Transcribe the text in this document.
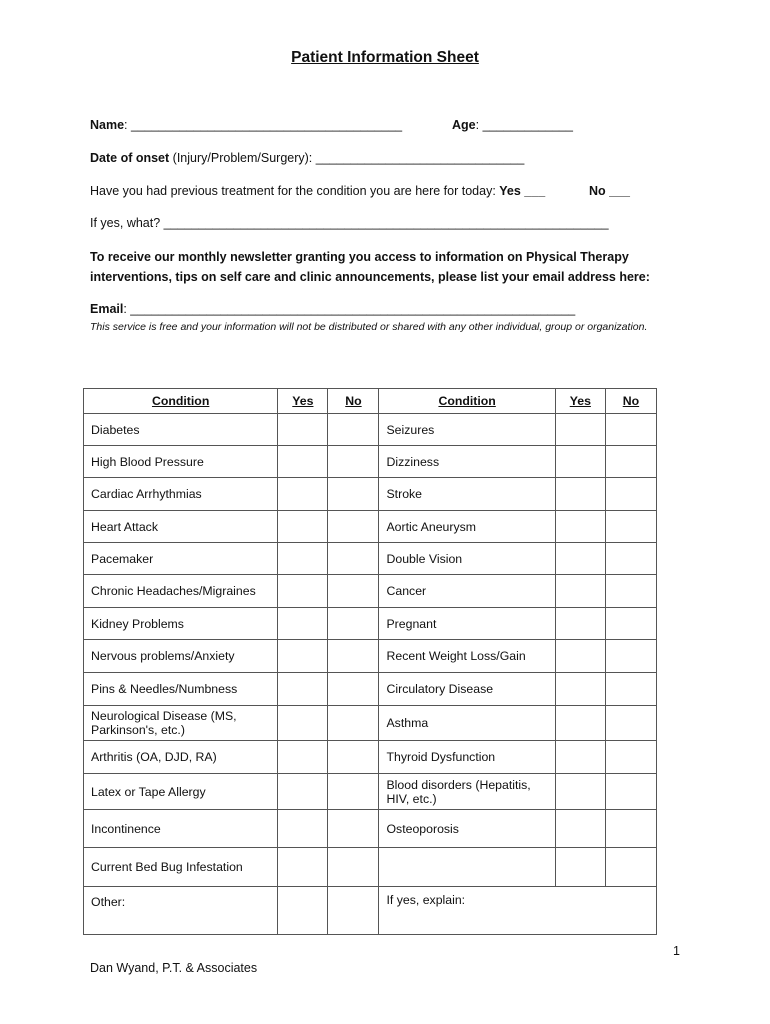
Patient Information Sheet
Name: _______________________________________	Age: _____________
Date of onset (Injury/Problem/Surgery): ______________________________
Have you had previous treatment for the condition you are here for today: Yes ___	No ___
If yes, what? ________________________________________________________________
To receive our monthly newsletter granting you access to information on Physical Therapy
interventions, tips on self care and clinic announcements, please list your email address here:
Email: ________________________________________________________________
This service is free and your information will not be distributed or shared with any other individual, group or organization.
Condition	Yes	No	Condition	Yes	No
Diabetes			Seizures		
High Blood Pressure			Dizziness		
Cardiac Arrhythmias			Stroke		
Heart Attack			Aortic Aneurysm		
Pacemaker			Double Vision		
Chronic Headaches/Migraines			Cancer		
Kidney Problems			Pregnant		
Nervous problems/Anxiety			Recent Weight Loss/Gain		
Pins & Needles/Numbness			Circulatory Disease		
Neurological Disease (MS, Parkinson's, etc.)			Asthma		
Arthritis (OA, DJD, RA)			Thyroid Dysfunction		
Latex or Tape Allergy			Blood disorders (Hepatitis, HIV, etc.)		
Incontinence			Osteoporosis		
Current Bed Bug Infestation					
Other:			If yes, explain:		
1
Dan Wyand, P.T. & Associates
